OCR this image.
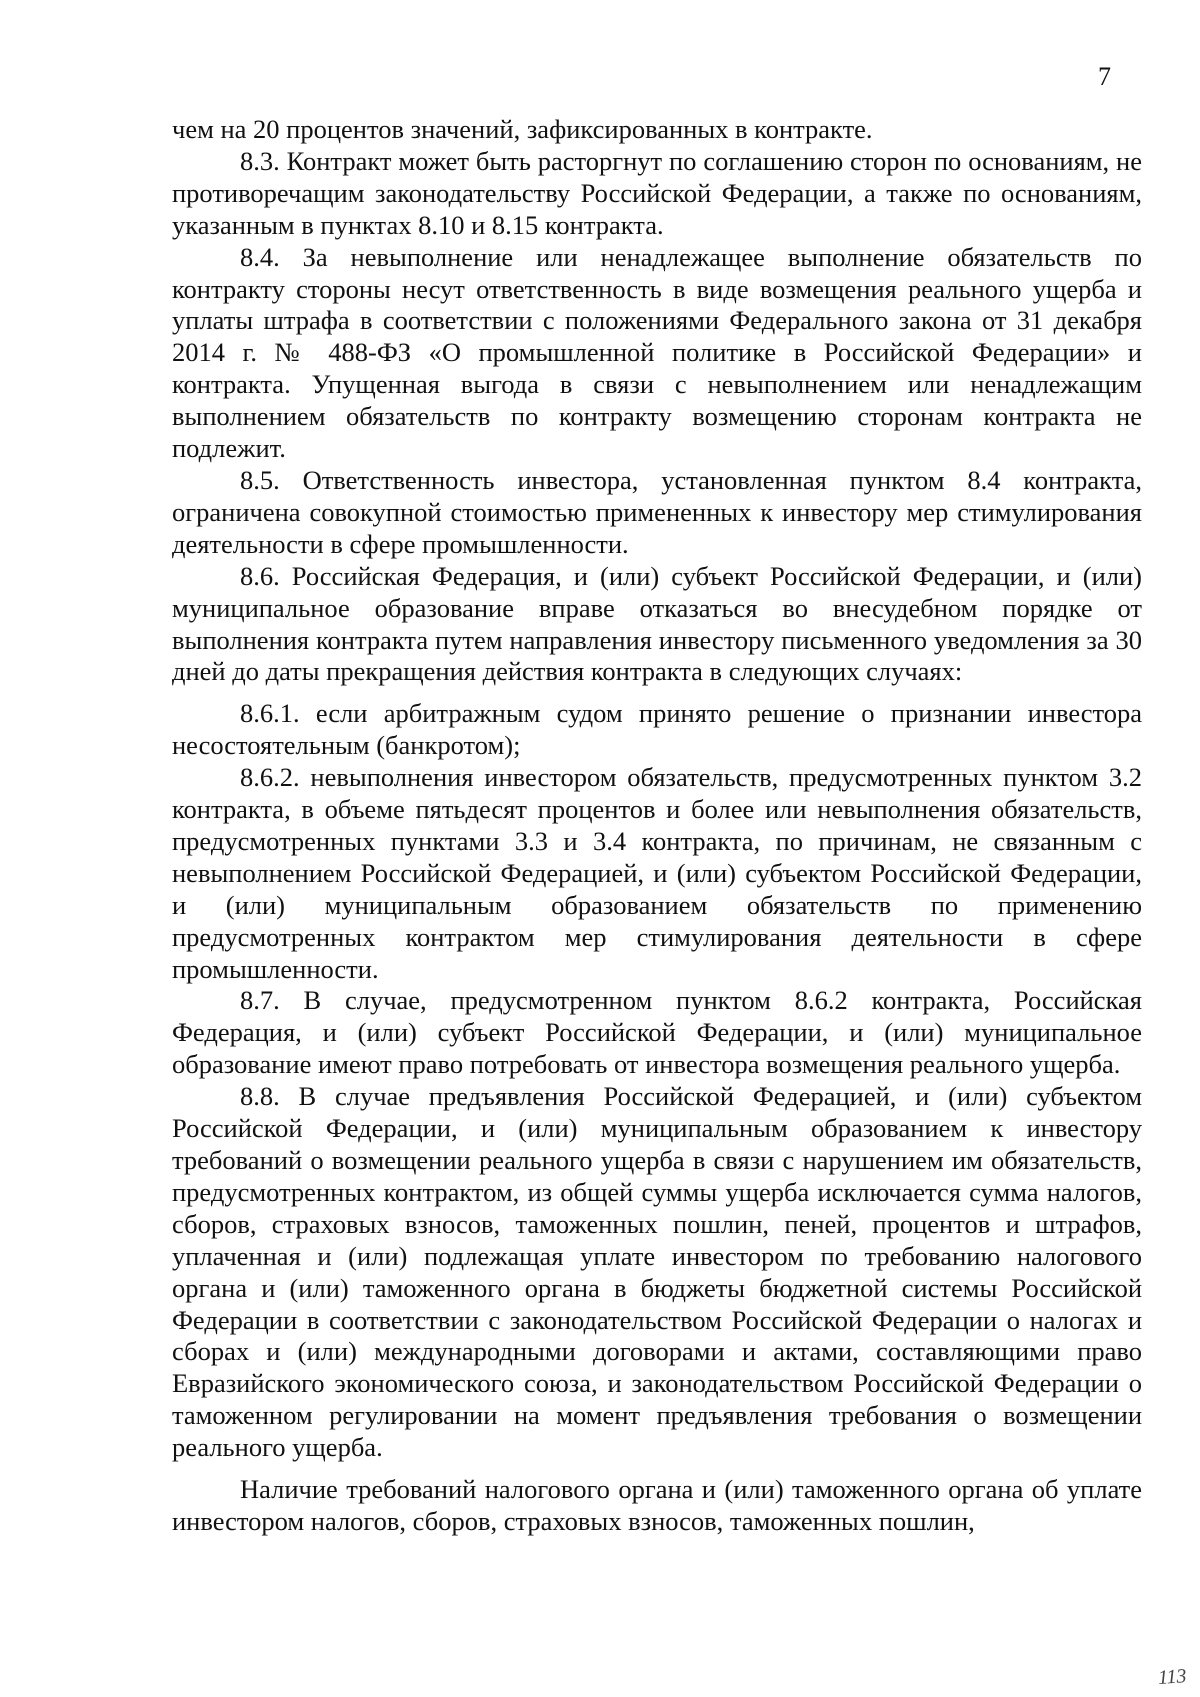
7

чем на 20 процентов значений, зафиксированных в контракте.

8.3. Контракт может быть расторгнут по соглашению сторон по основаниям, не противоречащим законодательству Российской Федерации, а также по основаниям, указанным в пунктах 8.10 и 8.15 контракта.

8.4. За невыполнение или ненадлежащее выполнение обязательств по контракту стороны несут ответственность в виде возмещения реального ущерба и уплаты штрафа в соответствии с положениями Федерального закона от 31 декабря 2014 г. № 488-ФЗ «О промышленной политике в Российской Федерации» и контракта. Упущенная выгода в связи с невыполнением или ненадлежащим выполнением обязательств по контракту возмещению сторонам контракта не подлежит.

8.5. Ответственность инвестора, установленная пунктом 8.4 контракта, ограничена совокупной стоимостью примененных к инвестору мер стимулирования деятельности в сфере промышленности.

8.6. Российская Федерация, и (или) субъект Российской Федерации, и (или) муниципальное образование вправе отказаться во внесудебном порядке от выполнения контракта путем направления инвестору письменного уведомления за 30 дней до даты прекращения действия контракта в следующих случаях:

8.6.1. если арбитражным судом принято решение о признании инвестора несостоятельным (банкротом);

8.6.2. невыполнения инвестором обязательств, предусмотренных пунктом 3.2 контракта, в объеме пятьдесят процентов и более или невыполнения обязательств, предусмотренных пунктами 3.3 и 3.4 контракта, по причинам, не связанным с невыполнением Российской Федерацией, и (или) субъектом Российской Федерации, и (или) муниципальным образованием обязательств по применению предусмотренных контрактом мер стимулирования деятельности в сфере промышленности.

8.7. В случае, предусмотренном пунктом 8.6.2 контракта, Российская Федерация, и (или) субъект Российской Федерации, и (или) муниципальное образование имеют право потребовать от инвестора возмещения реального ущерба.

8.8. В случае предъявления Российской Федерацией, и (или) субъектом Российской Федерации, и (или) муниципальным образованием к инвестору требований о возмещении реального ущерба в связи с нарушением им обязательств, предусмотренных контрактом, из общей суммы ущерба исключается сумма налогов, сборов, страховых взносов, таможенных пошлин, пеней, процентов и штрафов, уплаченная и (или) подлежащая уплате инвестором по требованию налогового органа и (или) таможенного органа в бюджеты бюджетной системы Российской Федерации в соответствии с законодательством Российской Федерации о налогах и сборах и (или) международными договорами и актами, составляющими право Евразийского экономического союза, и законодательством Российской Федерации о таможенном регулировании на момент предъявления требования о возмещении реального ущерба.

Наличие требований налогового органа и (или) таможенного органа об уплате инвестором налогов, сборов, страховых взносов, таможенных пошлин,

113
